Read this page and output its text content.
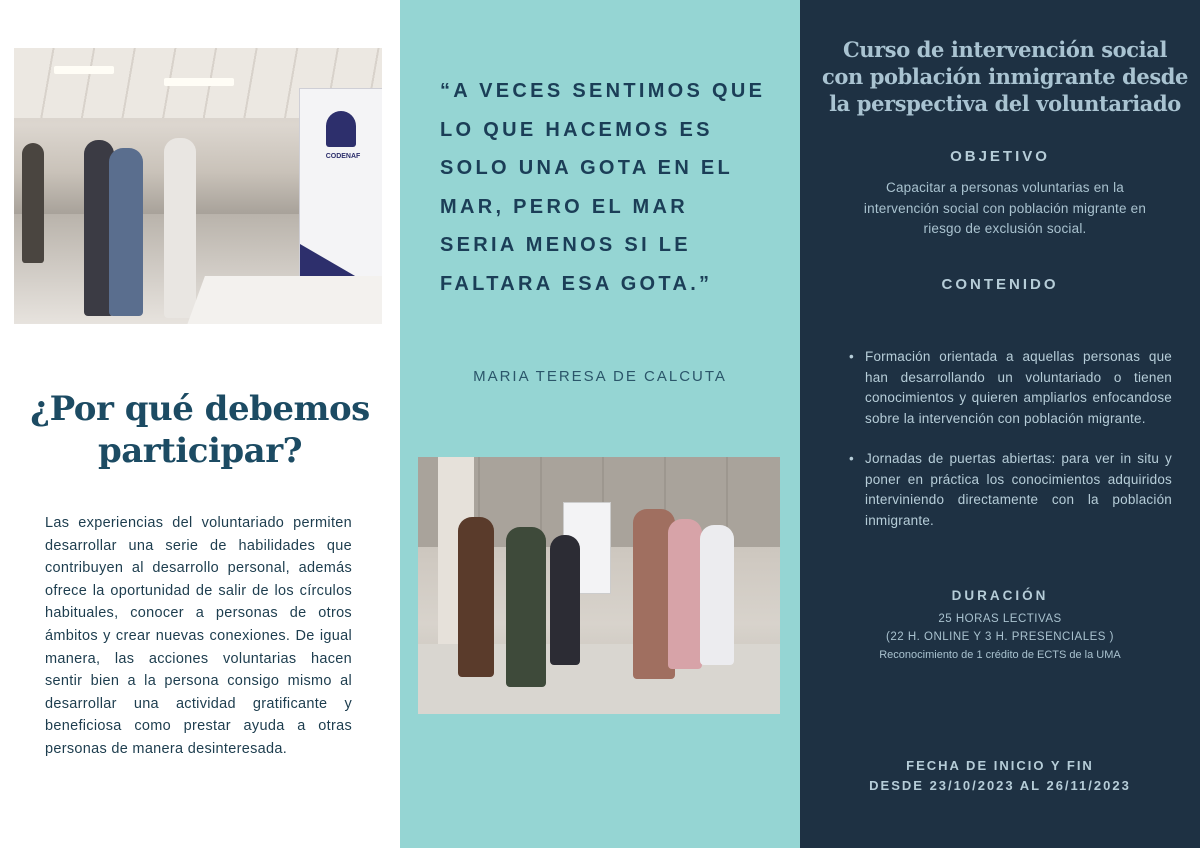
CODENAF
¿Por qué debemos participar?

Las experiencias del voluntariado permiten desarrollar una serie de habilidades que contribuyen al desarrollo personal, además ofrece la oportunidad de salir de los círculos habituales, conocer a personas de otros ámbitos y crear nuevas conexiones. De igual manera, las acciones voluntarias hacen sentir bien a la persona consigo mismo al desarrollar una actividad gratificante y beneficiosa como prestar ayuda a otras personas de manera desinteresada.

“A VECES SENTIMOS QUE LO QUE HACEMOS ES SOLO UNA GOTA EN EL MAR, PERO EL MAR SERIA MENOS SI LE FALTARA ESA GOTA.”

MARIA TERESA DE CALCUTA

Curso de intervención social con población inmigrante desde la perspectiva del voluntariado
OBJETIVO

Capacitar a personas voluntarias en la intervención social con población migrante en riesgo de exclusión social.

CONTENIDO
• Formación orientada a aquellas personas que han desarrollando un voluntariado o tienen conocimientos y quieren ampliarlos enfocandose sobre la intervención con población migrante.
• Jornadas de puertas abiertas: para ver in situ y poner en práctica los conocimientos adquiridos interviniendo directamente con la población inmigrante.
DURACIÓN

25 HORAS LECTIVAS

(22 H. ONLINE Y 3 H. PRESENCIALES )

Reconocimiento de 1 crédito de ECTS de la UMA

FECHA DE INICIO Y FIN

DESDE 23/10/2023 AL 26/11/2023
